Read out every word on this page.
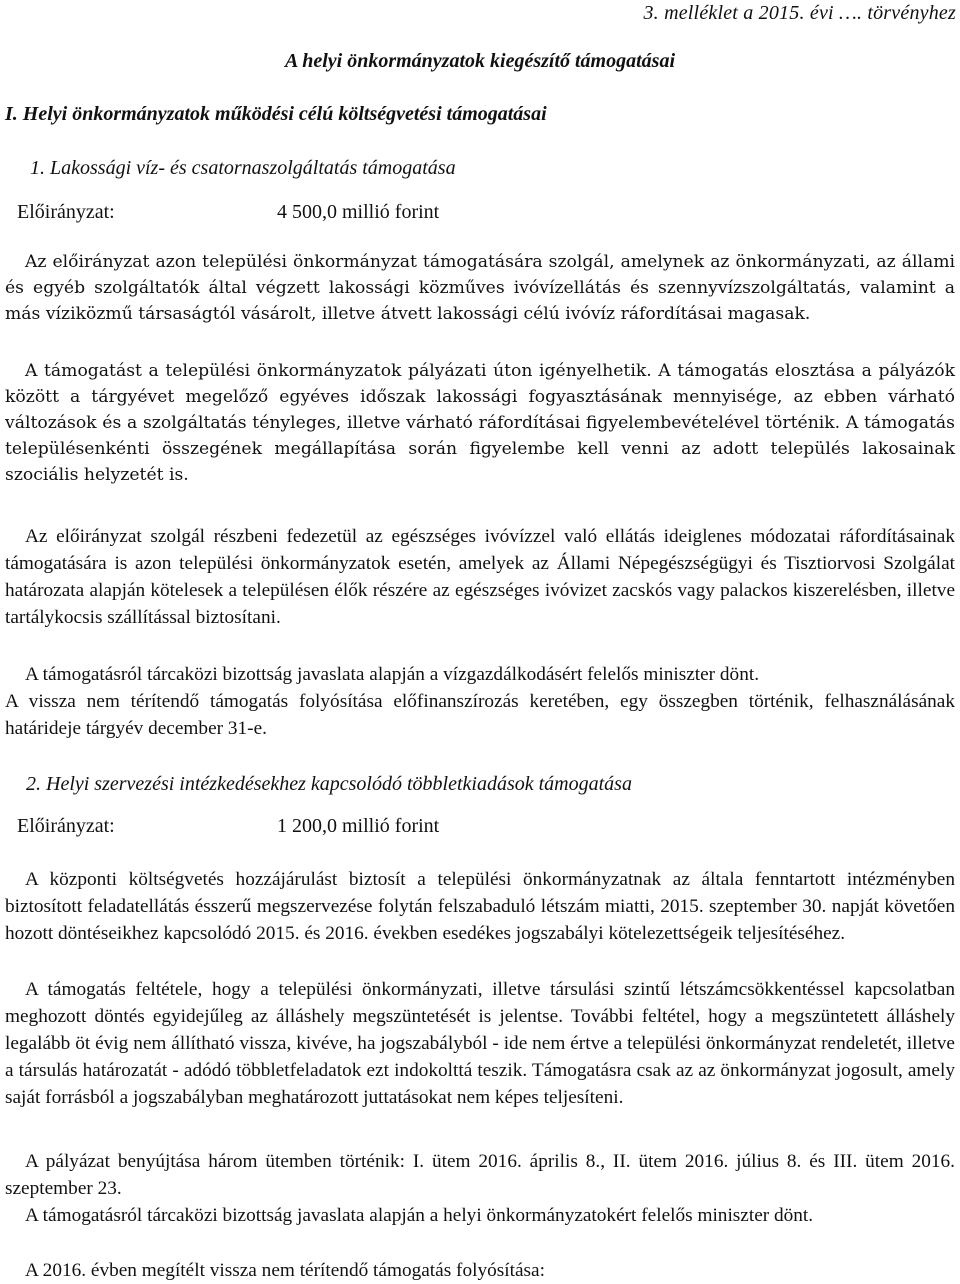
3. melléklet a 2015. évi …. törvényhez
A helyi önkormányzatok kiegészítő támogatásai
I. Helyi önkormányzatok működési célú költségvetési támogatásai
1. Lakossági víz- és csatornaszolgáltatás támogatása
Előirányzat:	4 500,0 millió forint
Az előirányzat azon települési önkormányzat támogatására szolgál, amelynek az önkormányzati, az állami és egyéb szolgáltatók által végzett lakossági közműves ivóvízellátás és szennyvízszolgáltatás, valamint a más víziközmű társaságtól vásárolt, illetve átvett lakossági célú ivóvíz ráfordításai magasak.
A támogatást a települési önkormányzatok pályázati úton igényelhetik. A támogatás elosztása a pályázók között a tárgyévet megelőző egyéves időszak lakossági fogyasztásának mennyisége, az ebben várható változások és a szolgáltatás tényleges, illetve várható ráfordításai figyelembevételével történik. A támogatás településenkénti összegének megállapítása során figyelembe kell venni az adott település lakosainak szociális helyzetét is.
Az előirányzat szolgál részbeni fedezetül az egészséges ivóvízzel való ellátás ideiglenes módozatai ráfordításainak támogatására is azon települési önkormányzatok esetén, amelyek az Állami Népegészségügyi és Tisztiorvosi Szolgálat határozata alapján kötelesek a településen élők részére az egészséges ivóvizet zacskós vagy palackos kiszerelésben, illetve tartálykocsis szállítással biztosítani.
A támogatásról tárcaközi bizottság javaslata alapján a vízgazdálkodásért felelős miniszter dönt.
A vissza nem térítendő támogatás folyósítása előfinanszírozás keretében, egy összegben történik, felhasználásának határideje tárgyév december 31-e.
2. Helyi szervezési intézkedésekhez kapcsolódó többletkiadások támogatása
Előirányzat:	1 200,0 millió forint
A központi költségvetés hozzájárulást biztosít a települési önkormányzatnak az általa fenntartott intézményben biztosított feladatellátás ésszerű megszervezése folytán felszabaduló létszám miatti, 2015. szeptember 30. napját követően hozott döntéseikhez kapcsolódó 2015. és 2016. években esedékes jogszabályi kötelezettségeik teljesítéséhez.
A támogatás feltétele, hogy a települési önkormányzati, illetve társulási szintű létszámcsökkentéssel kapcsolatban meghozott döntés egyidejűleg az álláshely megszüntetését is jelentse. További feltétel, hogy a megszüntetett álláshely legalább öt évig nem állítható vissza, kivéve, ha jogszabályból - ide nem értve a települési önkormányzat rendeletét, illetve a társulás határozatát - adódó többletfeladatok ezt indokolttá teszik. Támogatásra csak az az önkormányzat jogosult, amely saját forrásból a jogszabályban meghatározott juttatásokat nem képes teljesíteni.
A pályázat benyújtása három ütemben történik: I. ütem 2016. április 8., II. ütem 2016. július 8. és III. ütem 2016. szeptember 23.
A támogatásról tárcaközi bizottság javaslata alapján a helyi önkormányzatokért felelős miniszter dönt.
A 2016. évben megítélt vissza nem térítendő támogatás folyósítása:
